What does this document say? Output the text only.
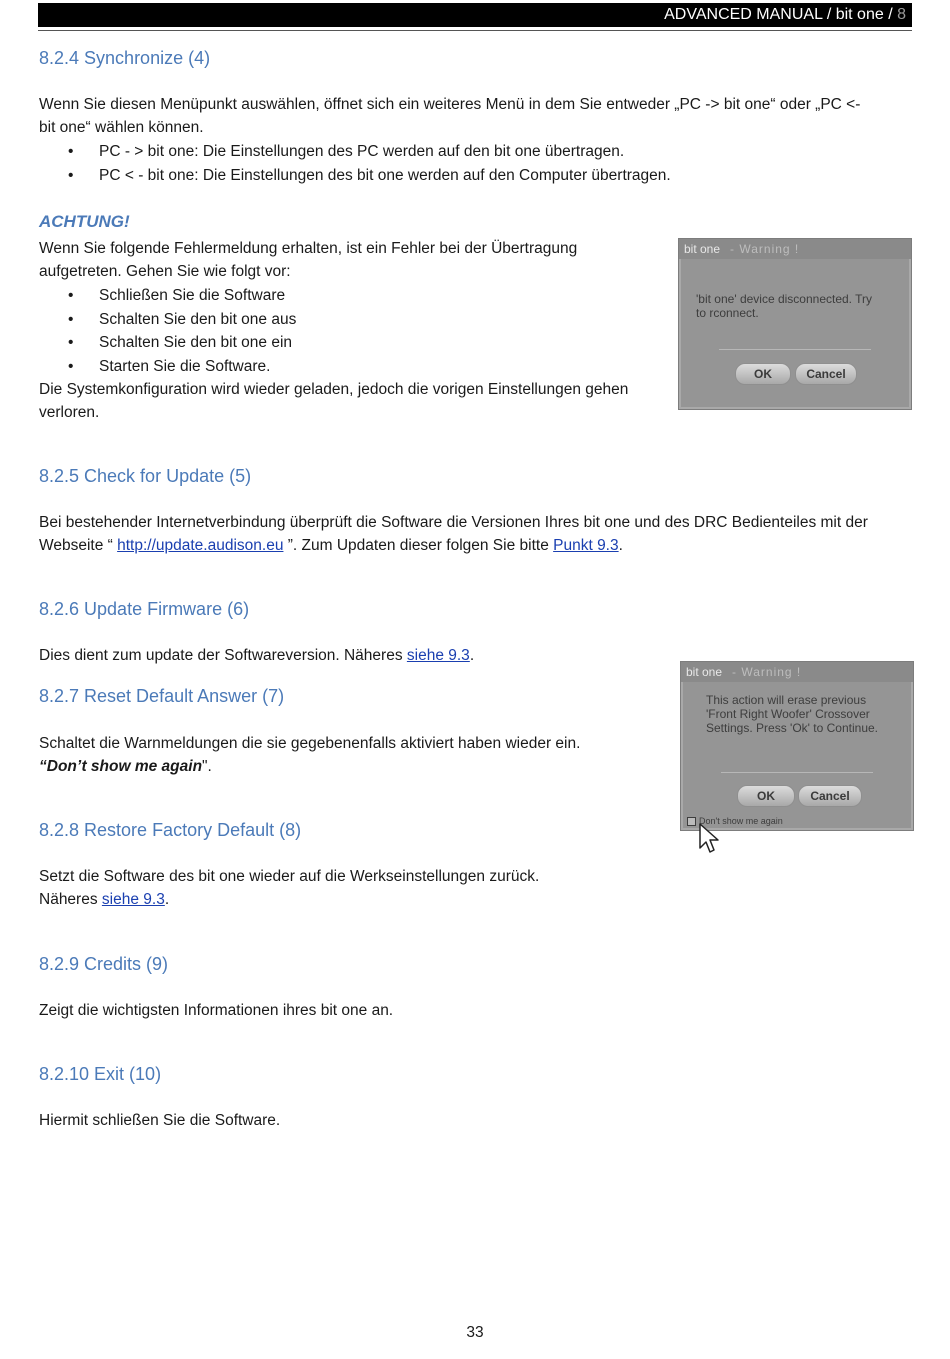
ADVANCED MANUAL / bit one / 8
8.2.4 Synchronize (4)
Wenn Sie diesen Menüpunkt auswählen, öffnet sich ein weiteres Menü in dem Sie entweder „PC -> bit one“ oder „PC <-
bit one“ wählen können.
• PC - > bit one: Die Einstellungen des PC werden auf den bit one übertragen.
• PC < - bit one: Die Einstellungen des bit one werden auf den Computer übertragen.
ACHTUNG!
Wenn Sie folgende Fehlermeldung erhalten, ist ein Fehler bei der Übertragung
aufgetreten. Gehen Sie wie folgt vor:
• Schließen Sie die Software
• Schalten Sie den bit one aus
• Schalten Sie den bit one ein
• Starten Sie die Software.
Die Systemkonfiguration wird wieder geladen, jedoch die vorigen Einstellungen gehen
verloren.
bit one - Warning !
'bit one' device disconnected. Try
to rconnect.
OK	Cancel
8.2.5 Check for Update (5)
Bei bestehender Internetverbindung überprüft die Software die Versionen Ihres bit one und des DRC Bedienteiles mit der
Webseite “ http://update.audison.eu ”. Zum Updaten dieser folgen Sie bitte Punkt 9.3.
8.2.6 Update Firmware (6)
Dies dient zum update der Softwareversion. Näheres siehe 9.3.
8.2.7 Reset Default Answer (7)
Schaltet die Warnmeldungen die sie gegebenenfalls aktiviert haben wieder ein.
“Don’t show me again".
bit one - Warning !
This action will erase previous
'Front Right Woofer' Crossover
Settings. Press 'Ok' to Continue.
OK	Cancel
Don't show me again
8.2.8 Restore Factory Default (8)
Setzt die Software des bit one wieder auf die Werkseinstellungen zurück.
Näheres siehe 9.3.
8.2.9 Credits (9)
Zeigt die wichtigsten Informationen ihres bit one an.
8.2.10 Exit (10)
Hiermit schließen Sie die Software.
33
